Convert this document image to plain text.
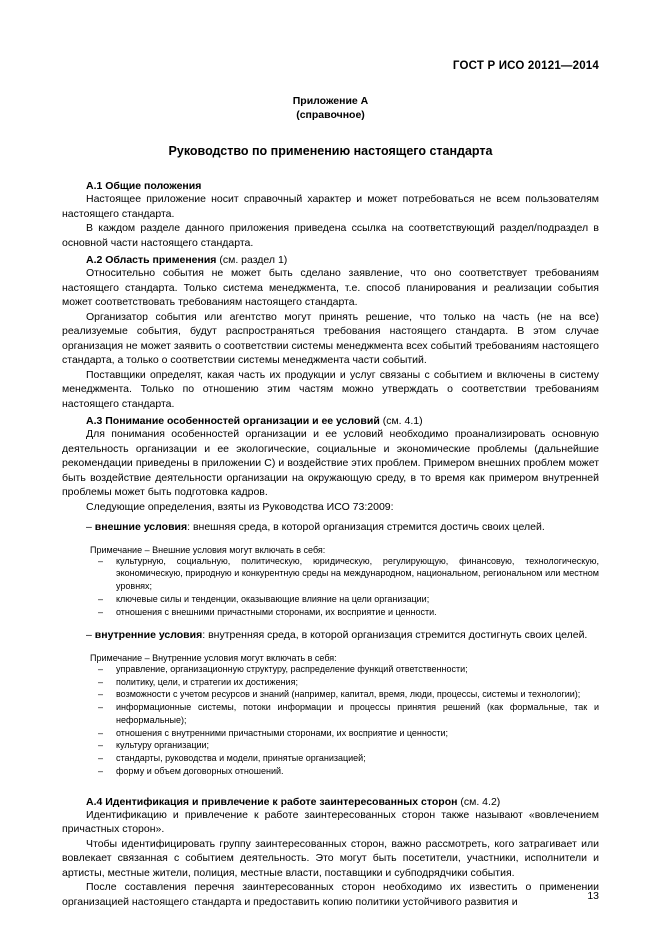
ГОСТ Р ИСО 20121—2014
Приложение А
(справочное)
Руководство по применению настоящего стандарта
А.1 Общие положения

Настоящее приложение носит справочный характер и может потребоваться не всем пользователям настоящего стандарта.

В каждом разделе данного приложения приведена ссылка на соответствующий раздел/подраздел в основной части настоящего стандарта.

А.2 Область применения (см. раздел 1)

Относительно события не может быть сделано заявление, что оно соответствует требованиям настоящего стандарта. Только система менеджмента, т.е. способ планирования и реализации события может соответствовать требованиям настоящего стандарта.

Организатор события или агентство могут принять решение, что только на часть (не на все) реализуемые события, будут распространяться требования настоящего стандарта. В этом случае организация не может заявить о соответствии системы менеджмента всех событий требованиям настоящего стандарта, а только о соответствии системы менеджмента части событий.

Поставщики определят, какая часть их продукции и услуг связаны с событием и включены в систему менеджмента. Только по отношению этим частям можно утверждать о соответствии требованиям настоящего стандарта.

А.3 Понимание особенностей организации и ее условий (см. 4.1)

Для понимания особенностей организации и ее условий необходимо проанализировать основную деятельность организации и ее экологические, социальные и экономические проблемы (дальнейшие рекомендации приведены в приложении С) и воздействие этих проблем. Примером внешних проблем может быть воздействие деятельности организации на окружающую среду, в то время как примером внутренней проблемы может быть подготовка кадров.

Следующие определения, взяты из Руководства ИСО 73:2009:

– внешние условия: внешняя среда, в которой организация стремится достичь своих целей.

Примечание – Внешние условия могут включать в себя:

– культурную, социальную, политическую, юридическую, регулирующую, финансовую, технологическую, экономическую, природную и конкурентную среды на международном, национальном, региональном или местном уровнях;
– ключевые силы и тенденции, оказывающие влияние на цели организации;
– отношения с внешними причастными сторонами, их восприятие и ценности.

– внутренние условия: внутренняя среда, в которой организация стремится достигнуть своих целей.

Примечание – Внутренние условия могут включать в себя:

– управление, организационную структуру, распределение функций ответственности;
– политику, цели, и стратегии их достижения;
– возможности с учетом ресурсов и знаний (например, капитал, время, люди, процессы, системы и технологии);
– информационные системы, потоки информации и процессы принятия решений (как формальные, так и неформальные);
– отношения с внутренними причастными сторонами, их восприятие и ценности;
– культуру организации;
– стандарты, руководства и модели, принятые организацией;
– форму и объем договорных отношений.
А.4 Идентификация и привлечение к работе заинтересованных сторон (см. 4.2)

Идентификацию и привлечение к работе заинтересованных сторон также называют «вовлечением причастных сторон».

Чтобы идентифицировать группу заинтересованных сторон, важно рассмотреть, кого затрагивает или вовлекает связанная с событием деятельность. Это могут быть посетители, участники, исполнители и артисты, местные жители, полиция, местные власти, поставщики и субподрядчики события.

После составления перечня заинтересованных сторон необходимо их известить о применении организацией настоящего стандарта и предоставить копию политики устойчивого развития и	13
